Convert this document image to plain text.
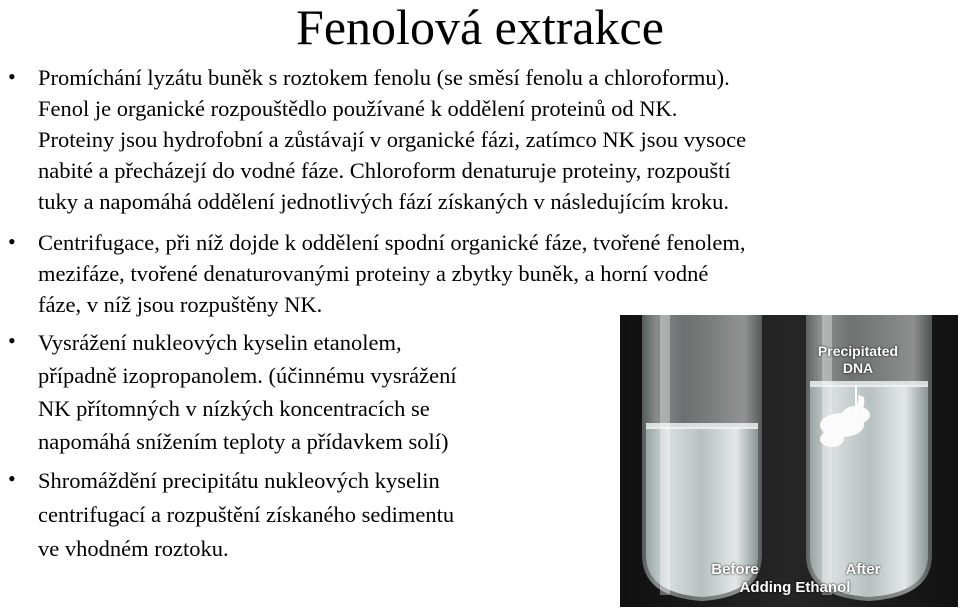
Fenolová extrakce
• Promíchání lyzátu buněk s roztokem fenolu (se směsí fenolu a chloroformu).
Fenol je organické rozpouštědlo používané k oddělení proteinů od NK.
Proteiny jsou hydrofobní a zůstávají v organické fázi, zatímco NK jsou vysoce
nabité a přecházejí do vodné fáze. Chloroform denaturuje proteiny, rozpouští
tuky a napomáhá oddělení jednotlivých fází získaných v následujícím kroku.
• Centrifugace, při níž dojde k oddělení spodní organické fáze, tvořené fenolem,
mezifáze, tvořené denaturovanými proteiny a zbytky buněk, a horní vodné
fáze, v níž jsou rozpuštěny NK.
• Vysrážení nukleových kyselin etanolem,
případně izopropanolem. (účinnému vysrážení
NK přítomných v nízkých koncentracích se
napomáhá snížením teploty a přídavkem solí)
• Shromáždění precipitátu nukleových kyselin
centrifugací a rozpuštění získaného sedimentu
ve vhodném roztoku.
Precipitated
DNA
Before	After
Adding Ethanol
